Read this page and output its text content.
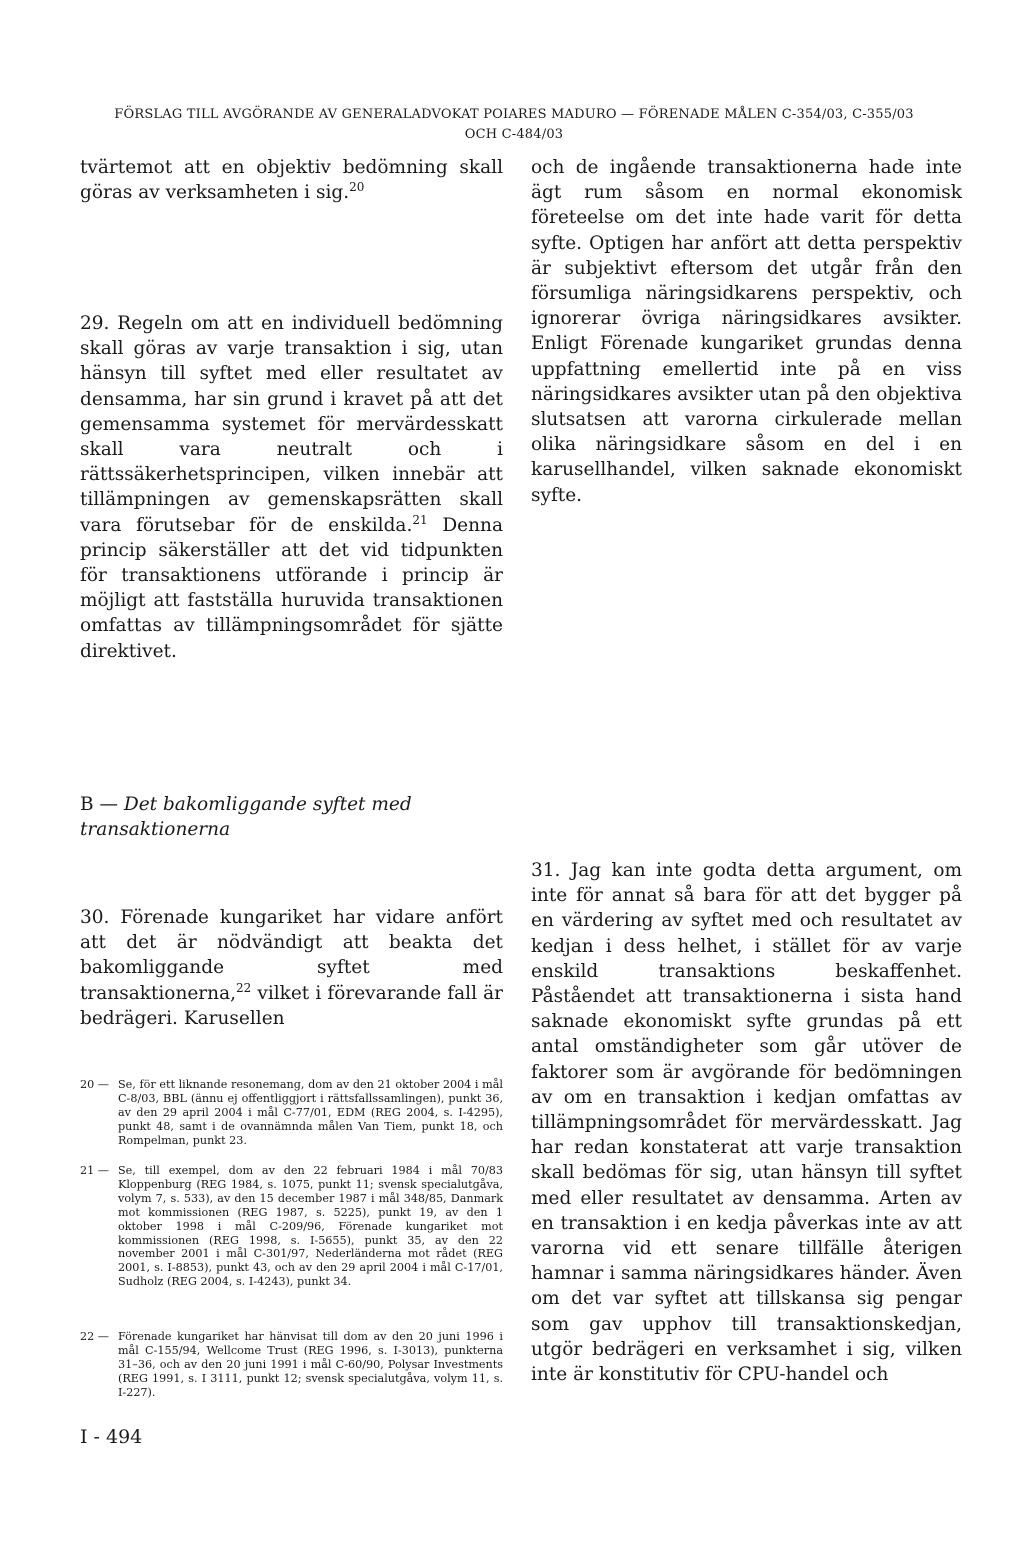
FÖRSLAG TILL AVGÖRANDE AV GENERALADVOKAT POIARES MADURO — FÖRENADE MÅLEN C-354/03, C-355/03
OCH C-484/03

tvärtemot att en objektiv bedömning skall göras av verksamheten i sig.$^{20}$

29. Regeln om att en individuell bedömning skall göras av varje transaktion i sig, utan hänsyn till syftet med eller resultatet av densamma, har sin grund i kravet på att det gemensamma systemet för mervärdesskatt skall vara neutralt och i rättssäkerhetsprincipen, vilken innebär att tillämpningen av gemenskapsrätten skall vara förutsebar för de enskilda.$^{21}$ Denna princip säkerställer att det vid tidpunkten för transaktionens utförande i princip är möjligt att fastställa huruvida transaktionen omfattas av tillämpningsområdet för sjätte direktivet.

och de ingående transaktionerna hade inte ägt rum såsom en normal ekonomisk företeelse om det inte hade varit för detta syfte. Optigen har anfört att detta perspektiv är subjektivt eftersom det utgår från den försumliga näringsidkarens perspektiv, och ignorerar övriga näringsidkares avsikter. Enligt Förenade kungariket grundas denna uppfattning emellertid inte på en viss näringsidkares avsikter utan på den objektiva slutsatsen att varorna cirkulerade mellan olika näringsidkare såsom en del i en karusellhandel, vilken saknade ekonomiskt syfte.

B — Det bakomliggande syftet med transaktionerna

30. Förenade kungariket har vidare anfört att det är nödvändigt att beakta det bakomliggande syftet med transaktionerna,$^{22}$ vilket i förevarande fall är bedrägeri. Karusellen

31. Jag kan inte godta detta argument, om inte för annat så bara för att det bygger på en värdering av syftet med och resultatet av kedjan i dess helhet, i stället för av varje enskild transaktions beskaffenhet. Påståendet att transaktionerna i sista hand saknade ekonomiskt syfte grundas på ett antal omständigheter som går utöver de faktorer som är avgörande för bedömningen av om en transaktion i kedjan omfattas av tillämpningsområdet för mervärdesskatt. Jag har redan konstaterat att varje transaktion skall bedömas för sig, utan hänsyn till syftet med eller resultatet av densamma. Arten av en transaktion i en kedja påverkas inte av att varorna vid ett senare tillfälle återigen hamnar i samma näringsidkares händer. Även om det var syftet att tillskansa sig pengar som gav upphov till transaktionskedjan, utgör bedrägeri en verksamhet i sig, vilken inte är konstitutiv för CPU-handel och

20 — Se, för ett liknande resonemang, dom av den 21 oktober 2004 i mål C-8/03, BBL (ännu ej offentliggjort i rättsfallssamlingen), punkt 36, av den 29 april 2004 i mål C-77/01, EDM (REG 2004, s. I-4295), punkt 48, samt i de ovannämnda målen Van Tiem, punkt 18, och Rompelman, punkt 23.
21 — Se, till exempel, dom av den 22 februari 1984 i mål 70/83 Kloppenburg (REG 1984, s. 1075, punkt 11; svensk specialutgåva, volym 7, s. 533), av den 15 december 1987 i mål 348/85, Danmark mot kommissionen (REG 1987, s. 5225), punkt 19, av den 1 oktober 1998 i mål C-209/96, Förenade kungariket mot kommissionen (REG 1998, s. I-5655), punkt 35, av den 22 november 2001 i mål C-301/97, Nederländerna mot rådet (REG 2001, s. I-8853), punkt 43, och av den 29 april 2004 i mål C-17/01, Sudholz (REG 2004, s. I-4243), punkt 34.
22 — Förenade kungariket har hänvisat till dom av den 20 juni 1996 i mål C-155/94, Wellcome Trust (REG 1996, s. I-3013), punkterna 31–36, och av den 20 juni 1991 i mål C-60/90, Polysar Investments (REG 1991, s. I 3111, punkt 12; svensk specialutgåva, volym 11, s. I-227).
I - 494
